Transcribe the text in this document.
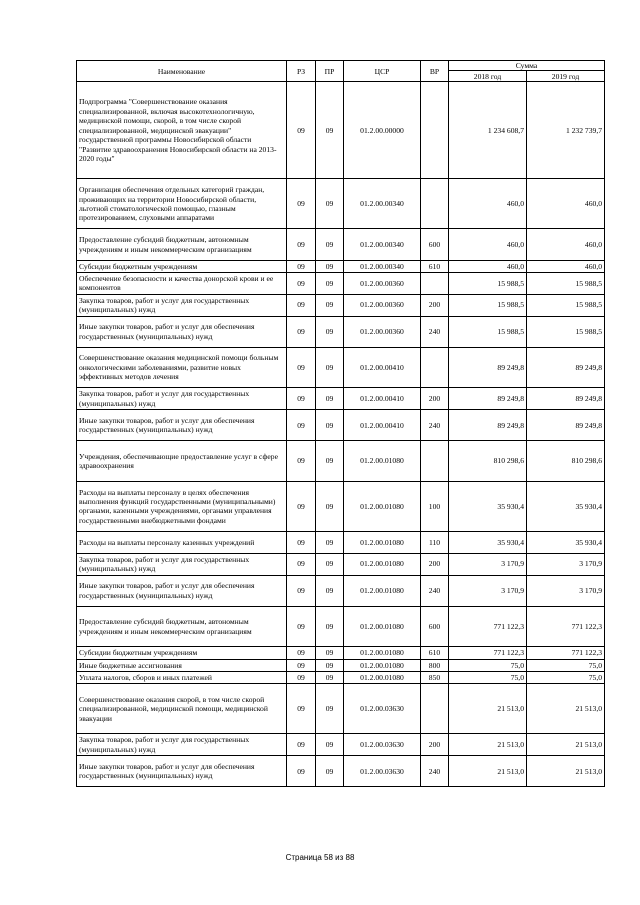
Наименование	РЗ	ПР	ЦСР	ВР	Сумма	
					2018 год	2019 год
Подпрограмма "Совершенствование оказания специализированной, включая высокотехнологичную, медицинской помощи, скорой, в том числе скорой специализированной, медицинской эвакуации" государственной программы Новосибирской области "Развитие здравоохранения Новосибирской области на 2013-2020 годы"	09	09	01.2.00.00000		1 234 608,7	1 232 739,7
Организация обеспечения отдельных категорий граждан, проживающих на территории Новосибирской области, льготной стоматологической помощью, глазным протезированием, слуховыми аппаратами	09	09	01.2.00.00340		460,0	460,0
Предоставление субсидий бюджетным, автономным учреждениям и иным некоммерческим организациям	09	09	01.2.00.00340	600	460,0	460,0
Субсидии бюджетным учреждениям	09	09	01.2.00.00340	610	460,0	460,0
Обеспечение безопасности и качества донорской крови и ее компонентов	09	09	01.2.00.00360		15 988,5	15 988,5
Закупка товаров, работ и услуг для государственных (муниципальных) нужд	09	09	01.2.00.00360	200	15 988,5	15 988,5
Иные закупки товаров, работ и услуг для обеспечения государственных (муниципальных) нужд	09	09	01.2.00.00360	240	15 988,5	15 988,5
Совершенствование оказания медицинской помощи больным онкологическими заболеваниями, развитие новых эффективных методов лечения	09	09	01.2.00.00410		89 249,8	89 249,8
Закупка товаров, работ и услуг для государственных (муниципальных) нужд	09	09	01.2.00.00410	200	89 249,8	89 249,8
Иные закупки товаров, работ и услуг для обеспечения государственных (муниципальных) нужд	09	09	01.2.00.00410	240	89 249,8	89 249,8
Учреждения, обеспечивающие предоставление услуг в сфере здравоохранения	09	09	01.2.00.01080		810 298,6	810 298,6
Расходы на выплаты персоналу в целях обеспечения выполнения функций государственными (муниципальными) органами, казенными учреждениями, органами управления государственными внебюджетными фондами	09	09	01.2.00.01080	100	35 930,4	35 930,4
Расходы на выплаты персоналу казенных учреждений	09	09	01.2.00.01080	110	35 930,4	35 930,4
Закупка товаров, работ и услуг для государственных (муниципальных) нужд	09	09	01.2.00.01080	200	3 170,9	3 170,9
Иные закупки товаров, работ и услуг для обеспечения государственных (муниципальных) нужд	09	09	01.2.00.01080	240	3 170,9	3 170,9
Предоставление субсидий бюджетным, автономным учреждениям и иным некоммерческим организациям	09	09	01.2.00.01080	600	771 122,3	771 122,3
Субсидии бюджетным учреждениям	09	09	01.2.00.01080	610	771 122,3	771 122,3
Иные бюджетные ассигнования	09	09	01.2.00.01080	800	75,0	75,0
Уплата налогов, сборов и иных платежей	09	09	01.2.00.01080	850	75,0	75,0
Совершенствование оказания скорой, в том числе скорой специализированной, медицинской помощи, медицинской эвакуации	09	09	01.2.00.03630		21 513,0	21 513,0
Закупка товаров, работ и услуг для государственных (муниципальных) нужд	09	09	01.2.00.03630	200	21 513,0	21 513,0
Иные закупки товаров, работ и услуг для обеспечения государственных (муниципальных) нужд	09	09	01.2.00.03630	240	21 513,0	21 513,0
Страница 58 из 88
